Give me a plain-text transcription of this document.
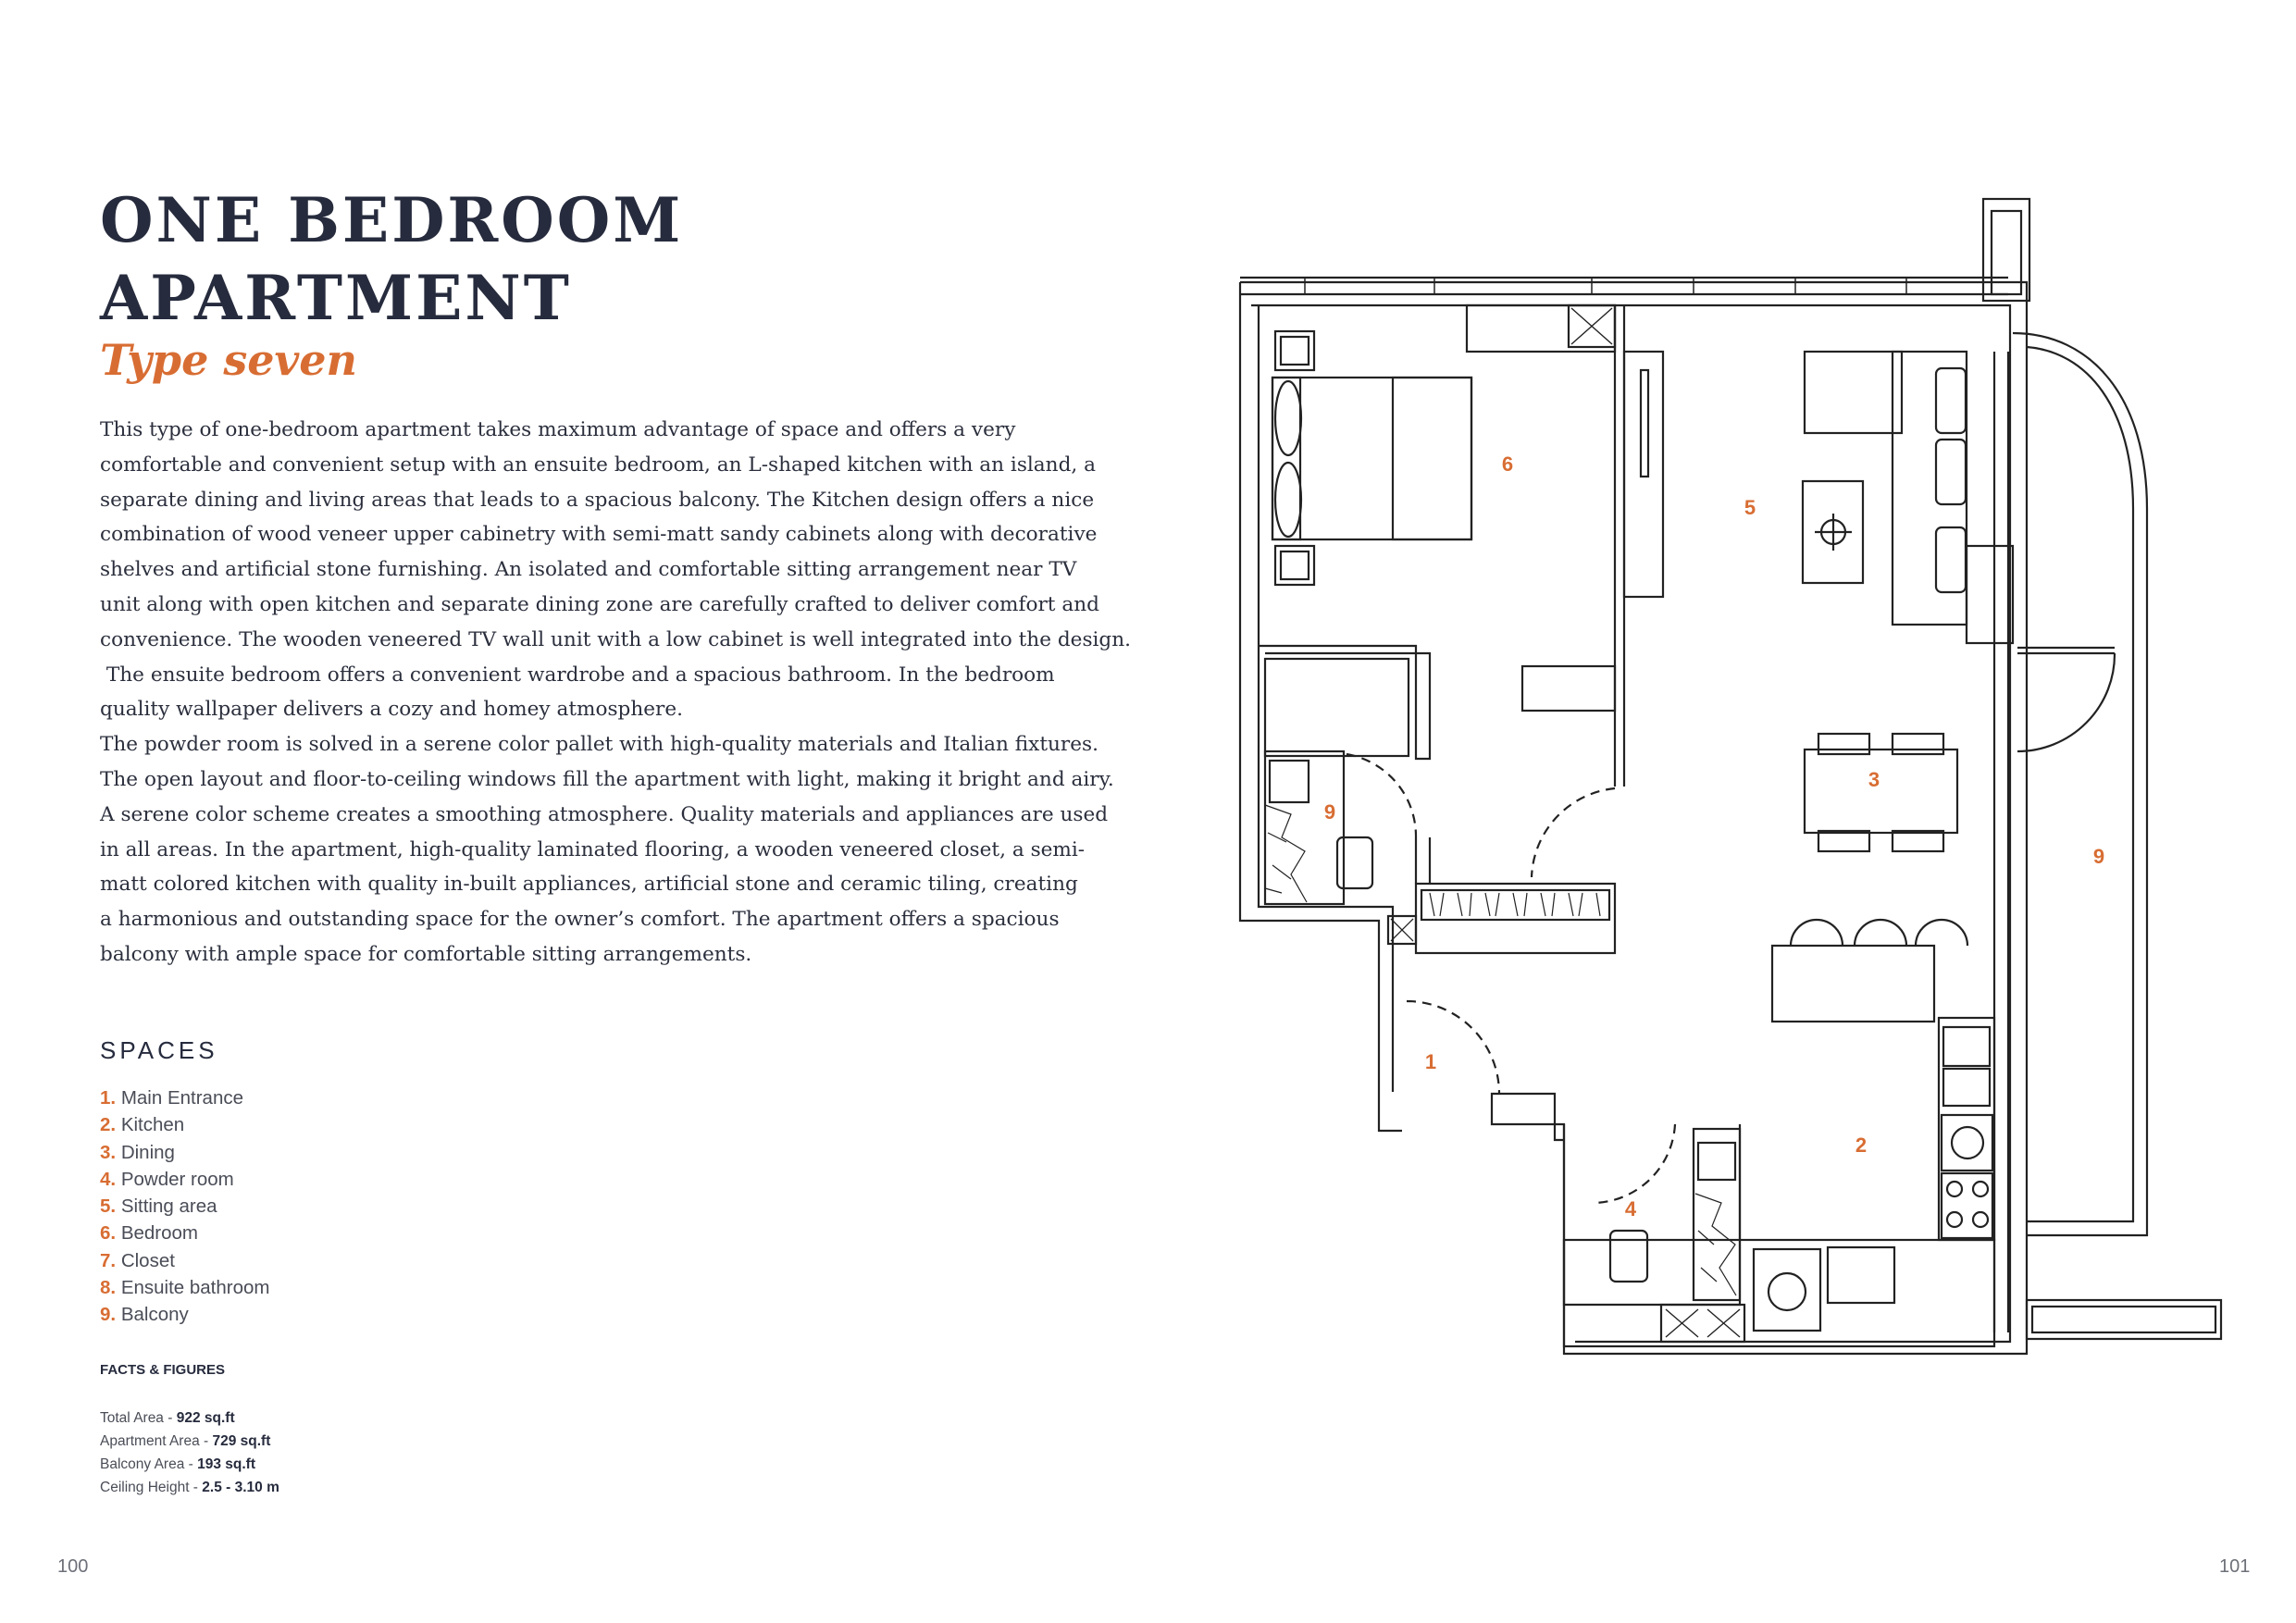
ONE BEDROOM
APARTMENT
Type seven
This type of one-bedroom apartment takes maximum advantage of space and offers a very
comfortable and convenient setup with an ensuite bedroom, an L-shaped kitchen with an island, a
separate dining and living areas that leads to a spacious balcony. The Kitchen design offers a nice
combination of wood veneer upper cabinetry with semi-matt sandy cabinets along with decorative
shelves and artificial stone furnishing. An isolated and comfortable sitting arrangement near TV
unit along with open kitchen and separate dining zone are carefully crafted to deliver comfort and
convenience. The wooden veneered TV wall unit with a low cabinet is well integrated into the design.
The ensuite bedroom offers a convenient wardrobe and a spacious bathroom. In the bedroom
quality wallpaper delivers a cozy and homey atmosphere.
The powder room is solved in a serene color pallet with high-quality materials and Italian fixtures.
The open layout and floor-to-ceiling windows fill the apartment with light, making it bright and airy.
A serene color scheme creates a smoothing atmosphere. Quality materials and appliances are used
in all areas. In the apartment, high-quality laminated flooring, a wooden veneered closet, a semi-
matt colored kitchen with quality in-built appliances, artificial stone and ceramic tiling, creating
a harmonious and outstanding space for the owner’s comfort. The apartment offers a spacious
balcony with ample space for comfortable sitting arrangements.
SPACES
1. Main Entrance
2. Kitchen
3. Dining
4. Powder room
5. Sitting area
6. Bedroom
7. Closet
8. Ensuite bathroom
9. Balcony
FACTS & FIGURES
Total Area - 922 sq.ft
Apartment Area - 729 sq.ft
Balcony Area - 193 sq.ft
Ceiling Height - 2.5 - 3.10 m
100	101
1
2
3
4
5
6
9
9
